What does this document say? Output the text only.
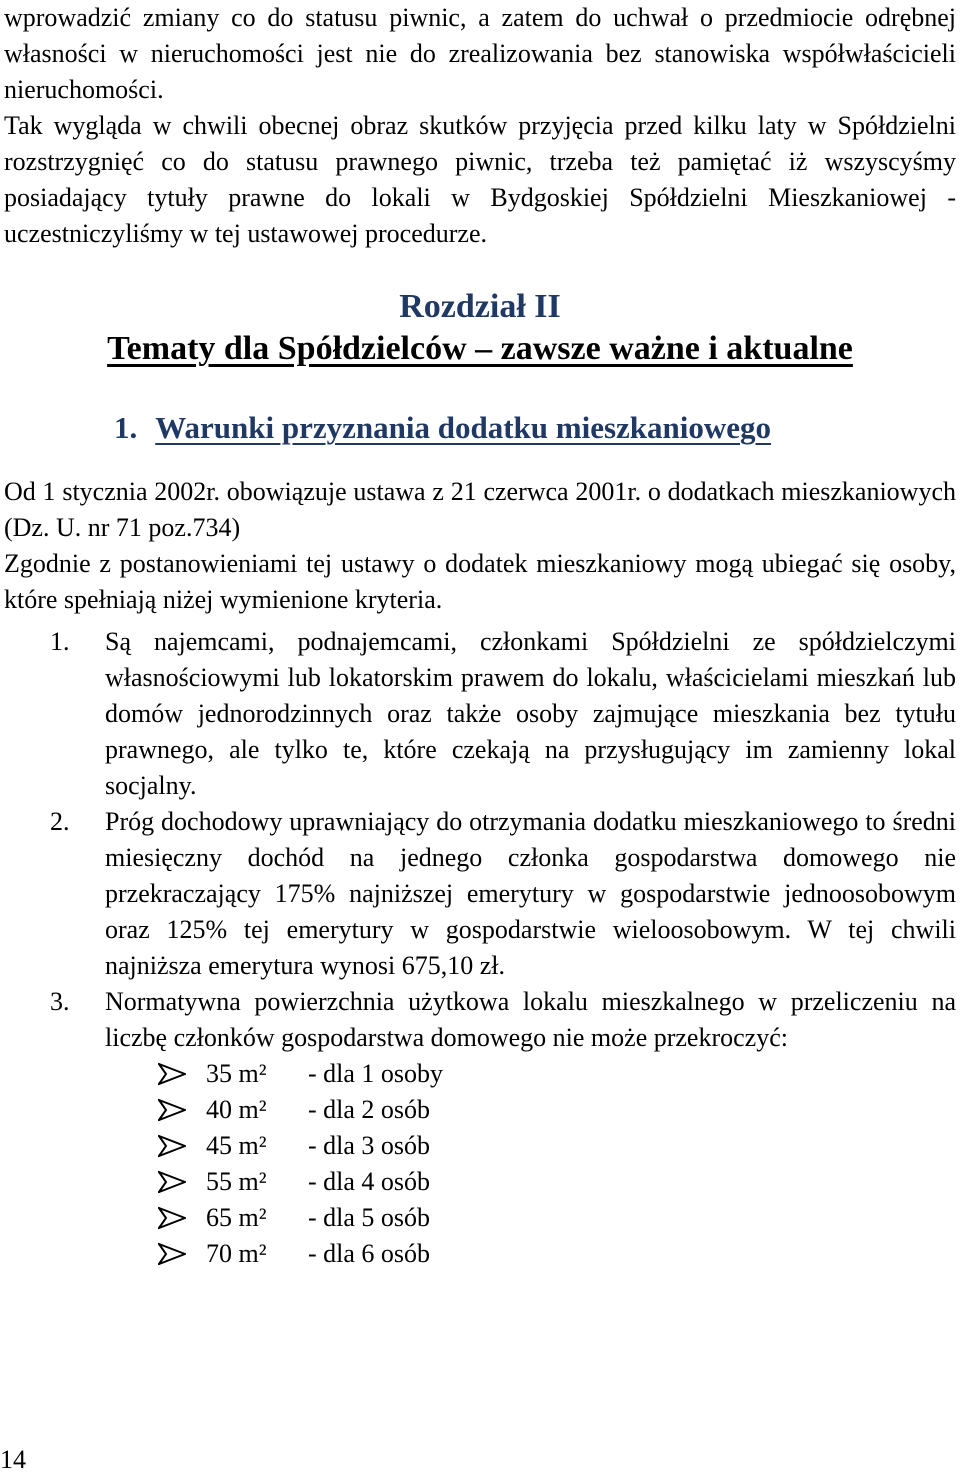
wprowadzić zmiany co do statusu piwnic, a zatem do uchwał o przedmiocie odrębnej własności w nieruchomości jest nie do zrealizowania bez stanowiska współwłaścicieli nieruchomości.

Tak wygląda w chwili obecnej obraz skutków przyjęcia przed kilku laty w Spółdzielni rozstrzygnięć co do statusu prawnego piwnic, trzeba też pamiętać iż wszyscyśmy posiadający tytuły prawne do lokali w Bydgoskiej Spółdzielni Mieszkaniowej - uczestniczyliśmy w tej ustawowej procedurze.

Rozdział II
Tematy dla Spółdzielców – zawsze ważne i aktualne
1. Warunki przyznania dodatku mieszkaniowego

Od 1 stycznia 2002r. obowiązuje ustawa z 21 czerwca 2001r. o dodatkach mieszkaniowych (Dz. U. nr 71 poz.734)

Zgodnie z postanowieniami tej ustawy o dodatek mieszkaniowy mogą ubiegać się osoby, które spełniają niżej wymienione kryteria.

1. Są najemcami, podnajemcami, członkami Spółdzielni ze spółdzielczymi własnościowymi lub lokatorskim prawem do lokalu, właścicielami mieszkań lub domów jednorodzinnych oraz także osoby zajmujące mieszkania bez tytułu prawnego, ale tylko te, które czekają na przysługujący im zamienny lokal socjalny.
2. Próg dochodowy uprawniający do otrzymania dodatku mieszkaniowego to średni miesięczny dochód na jednego członka gospodarstwa domowego nie przekraczający 175% najniższej emerytury w gospodarstwie jednoosobowym oraz 125% tej emerytury w gospodarstwie wieloosobowym. W tej chwili najniższa emerytura wynosi 675,10 zł.
3. Normatywna powierzchnia użytkowa lokalu mieszkalnego w przeliczeniu na liczbę członków gospodarstwa domowego nie może przekroczyć:
35 m²	- dla 1 osoby
40 m²	- dla 2 osób
45 m²	- dla 3 osób
55 m²	- dla 4 osób
65 m²	- dla 5 osób
70 m²	- dla 6 osób
14
